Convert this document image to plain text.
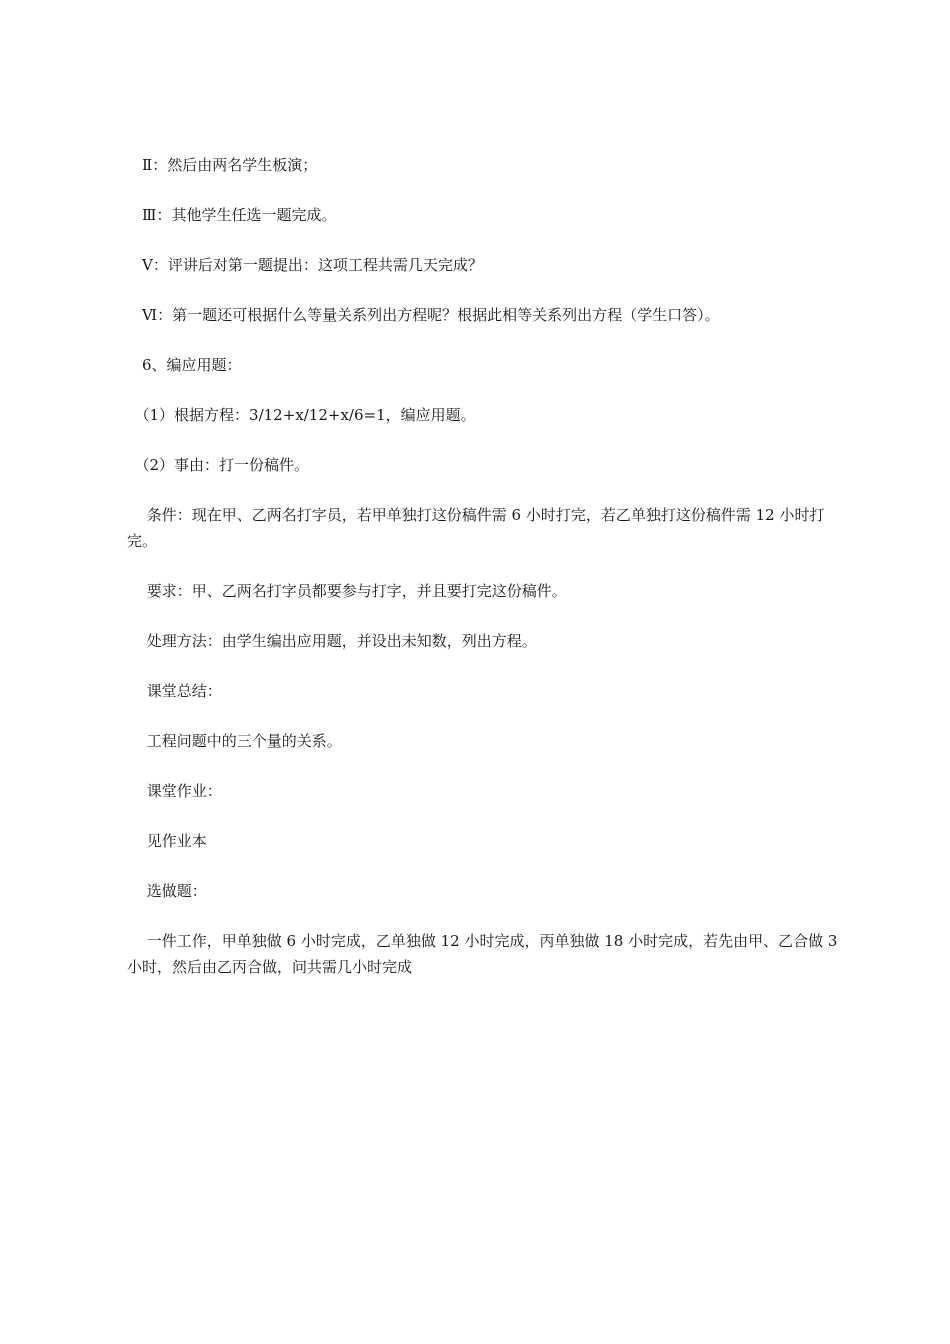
　Ⅱ：然后由两名学生板演；

　Ⅲ：其他学生任选一题完成。

　Ⅴ：评讲后对第一题提出：这项工程共需几天完成？

　Ⅵ：第一题还可根据什么等量关系列出方程呢？根据此相等关系列出方程（学生口答）。

　6、编应用题：

　（1）根据方程：3/12+x/12+x/6=1，编应用题。

　（2）事由：打一份稿件。

　 条件：现在甲、乙两名打字员，若甲单独打这份稿件需 6 小时打完，若乙单独打这份稿件需 12 小时打完。

　 要求：甲、乙两名打字员都要参与打字，并且要打完这份稿件。

　 处理方法：由学生编出应用题，并设出未知数，列出方程。

　 课堂总结：

　 工程问题中的三个量的关系。

　 课堂作业：

　 见作业本

　 选做题：

　 一件工作，甲单独做 6 小时完成，乙单独做 12 小时完成，丙单独做 18 小时完成，若先由甲、乙合做 3 小时，然后由乙丙合做，问共需几小时完成
